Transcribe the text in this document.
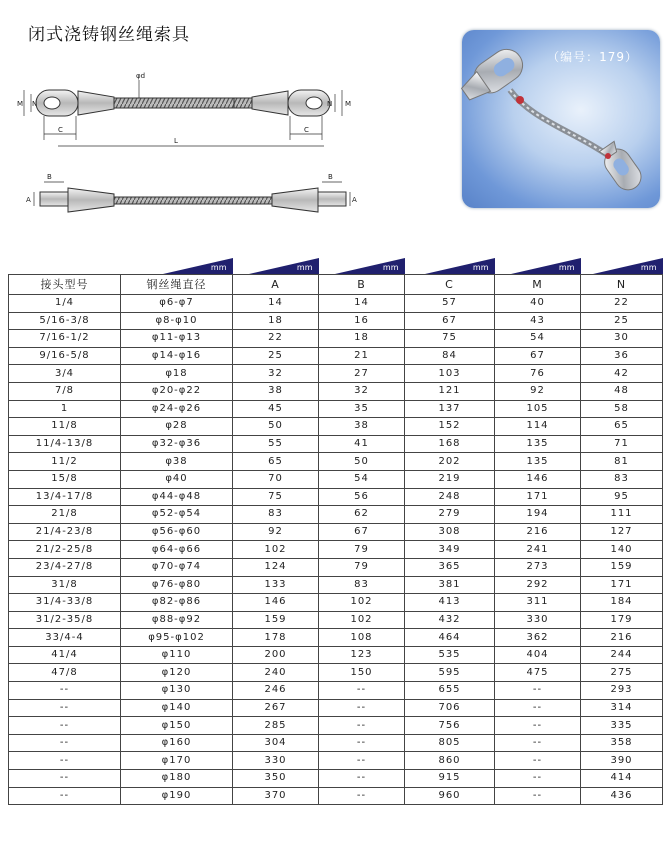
闭式浇铸钢丝绳索具
M N	M
N
φd
C	C
L
A	A
B	B
（编号：179）

	mm	mm	mm	mm	mm	mm

接头型号	钢丝绳直径	A	B	C	M	N
1/4	φ6-φ7	14	14	57	40	22
5/16-3/8	φ8-φ10	18	16	67	43	25
7/16-1/2	φ11-φ13	22	18	75	54	30
9/16-5/8	φ14-φ16	25	21	84	67	36
3/4	φ18	32	27	103	76	42
7/8	φ20-φ22	38	32	121	92	48
1	φ24-φ26	45	35	137	105	58
11/8	φ28	50	38	152	114	65
11/4-13/8	φ32-φ36	55	41	168	135	71
11/2	φ38	65	50	202	135	81
15/8	φ40	70	54	219	146	83
13/4-17/8	φ44-φ48	75	56	248	171	95
21/8	φ52-φ54	83	62	279	194	111
21/4-23/8	φ56-φ60	92	67	308	216	127
21/2-25/8	φ64-φ66	102	79	349	241	140
23/4-27/8	φ70-φ74	124	79	365	273	159
31/8	φ76-φ80	133	83	381	292	171
31/4-33/8	φ82-φ86	146	102	413	311	184
31/2-35/8	φ88-φ92	159	102	432	330	179
33/4-4	φ95-φ102	178	108	464	362	216
41/4	φ110	200	123	535	404	244
47/8	φ120	240	150	595	475	275
--	φ130	246	--	655	--	293
--	φ140	267	--	706	--	314
--	φ150	285	--	756	--	335
--	φ160	304	--	805	--	358
--	φ170	330	--	860	--	390
--	φ180	350	--	915	--	414
--	φ190	370	--	960	--	436
